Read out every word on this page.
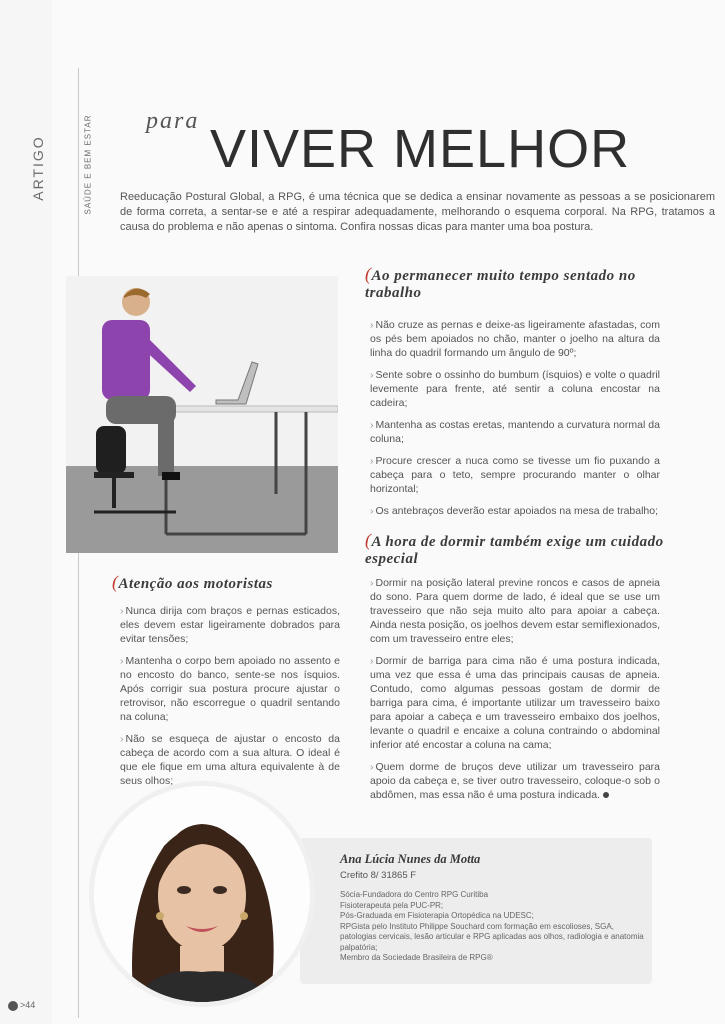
ARTIGO	SAÚDE E BEM ESTAR para VIVER MELHOR
Reeducação Postural Global, a RPG, é uma técnica que se dedica a ensinar novamente as pessoas a se posicionarem de forma correta, a sentar-se e até a respirar adequadamente, melhorando o esquema corporal. Na RPG, tratamos a causa do problema e não apenas o sintoma. Confira nossas dicas para manter uma boa postura.
(Ao permanecer muito tempo sentado no trabalho

› Não cruze as pernas e deixe-as ligeiramente afastadas, com os pés bem apoiados no chão, manter o joelho na altura da linha do quadril formando um ângulo de 90º;

› Sente sobre o ossinho do bumbum (ísquios) e volte o quadril levemente para frente, até sentir a coluna encostar na cadeira;

› Mantenha as costas eretas, mantendo a curvatura normal da coluna;

› Procure crescer a nuca como se tivesse um fio puxando a cabeça para o teto, sempre procurando manter o olhar horizontal;

› Os antebraços deverão estar apoiados na mesa de trabalho;

(A hora de dormir também exige um cuidado especial

› Dormir na posição lateral previne roncos e casos de apneia do sono. Para quem dorme de lado, é ideal que se use um travesseiro que não seja muito alto para apoiar a cabeça. Ainda nesta posição, os joelhos devem estar semiflexionados, com um travesseiro entre eles;

› Dormir de barriga para cima não é uma postura indicada, uma vez que essa é uma das principais causas de apneia. Contudo, como algumas pessoas gostam de dormir de barriga para cima, é importante utilizar um travesseiro baixo para apoiar a cabeça e um travesseiro embaixo dos joelhos, levante o quadril e encaixe a coluna contraindo o abdominal inferior até encostar a coluna na cama;

› Quem dorme de bruços deve utilizar um travesseiro para apoio da cabeça e, se tiver outro travesseiro, coloque-o sob o abdômen, mas essa não é uma postura indicada.

(Atenção aos motoristas

› Nunca dirija com braços e pernas esticados, eles devem estar ligeiramente dobrados para evitar tensões;

› Mantenha o corpo bem apoiado no assento e no encosto do banco, sente-se nos ísquios. Após corrigir sua postura procure ajustar o retrovisor, não escorregue o quadril sentando na coluna;

› Não se esqueça de ajustar o encosto da cabeça de acordo com a sua altura. O ideal é que ele fique em uma altura equivalente à de seus olhos;

Ana Lúcia Nunes da Motta
Crefito 8/ 31865 F
Sócia-Fundadora do Centro RPG Curitiba
Fisioterapeuta pela PUC-PR;
Pós-Graduada em Fisioterapia Ortopédica na UDESC;
RPGista pelo Instituto Philippe Souchard com formação em escolioses, SGA, patologias cervicais, lesão articular e RPG aplicadas aos olhos, radiologia e anatomia palpatória;
Membro da Sociedade Brasileira de RPG®
>44
